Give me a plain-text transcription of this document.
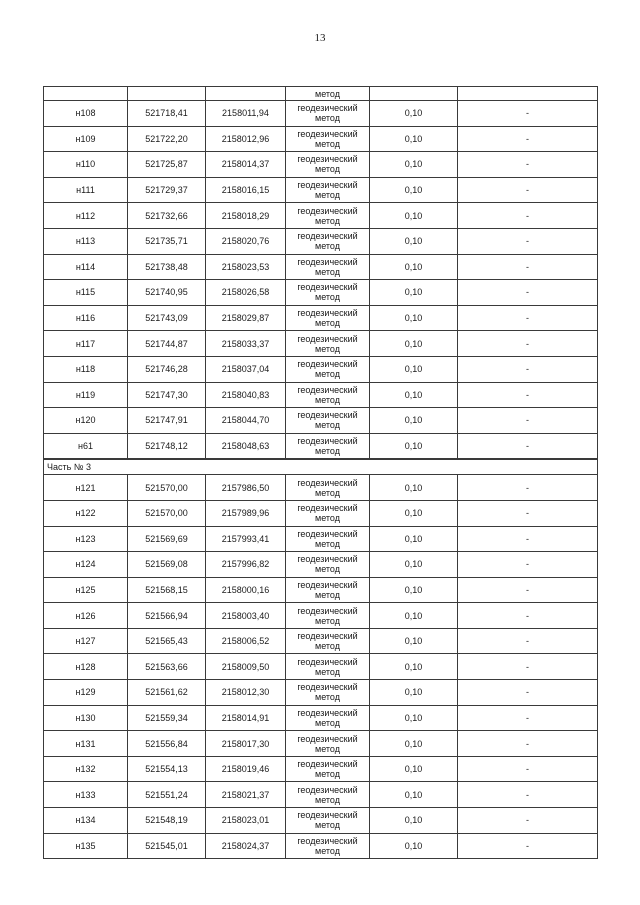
13
			метод		
н108	521718,41	2158011,94	геодезический метод	0,10	-
н109	521722,20	2158012,96	геодезический метод	0,10	-
н110	521725,87	2158014,37	геодезический метод	0,10	-
н111	521729,37	2158016,15	геодезический метод	0,10	-
н112	521732,66	2158018,29	геодезический метод	0,10	-
н113	521735,71	2158020,76	геодезический метод	0,10	-
н114	521738,48	2158023,53	геодезический метод	0,10	-
н115	521740,95	2158026,58	геодезический метод	0,10	-
н116	521743,09	2158029,87	геодезический метод	0,10	-
н117	521744,87	2158033,37	геодезический метод	0,10	-
н118	521746,28	2158037,04	геодезический метод	0,10	-
н119	521747,30	2158040,83	геодезический метод	0,10	-
н120	521747,91	2158044,70	геодезический метод	0,10	-
н61	521748,12	2158048,63	геодезический метод	0,10	-
Часть № 3					
н121	521570,00	2157986,50	геодезический метод	0,10	-
н122	521570,00	2157989,96	геодезический метод	0,10	-
н123	521569,69	2157993,41	геодезический метод	0,10	-
н124	521569,08	2157996,82	геодезический метод	0,10	-
н125	521568,15	2158000,16	геодезический метод	0,10	-
н126	521566,94	2158003,40	геодезический метод	0,10	-
н127	521565,43	2158006,52	геодезический метод	0,10	-
н128	521563,66	2158009,50	геодезический метод	0,10	-
н129	521561,62	2158012,30	геодезический метод	0,10	-
н130	521559,34	2158014,91	геодезический метод	0,10	-
н131	521556,84	2158017,30	геодезический метод	0,10	-
н132	521554,13	2158019,46	геодезический метод	0,10	-
н133	521551,24	2158021,37	геодезический метод	0,10	-
н134	521548,19	2158023,01	геодезический метод	0,10	-
н135	521545,01	2158024,37	геодезический метод	0,10	-
